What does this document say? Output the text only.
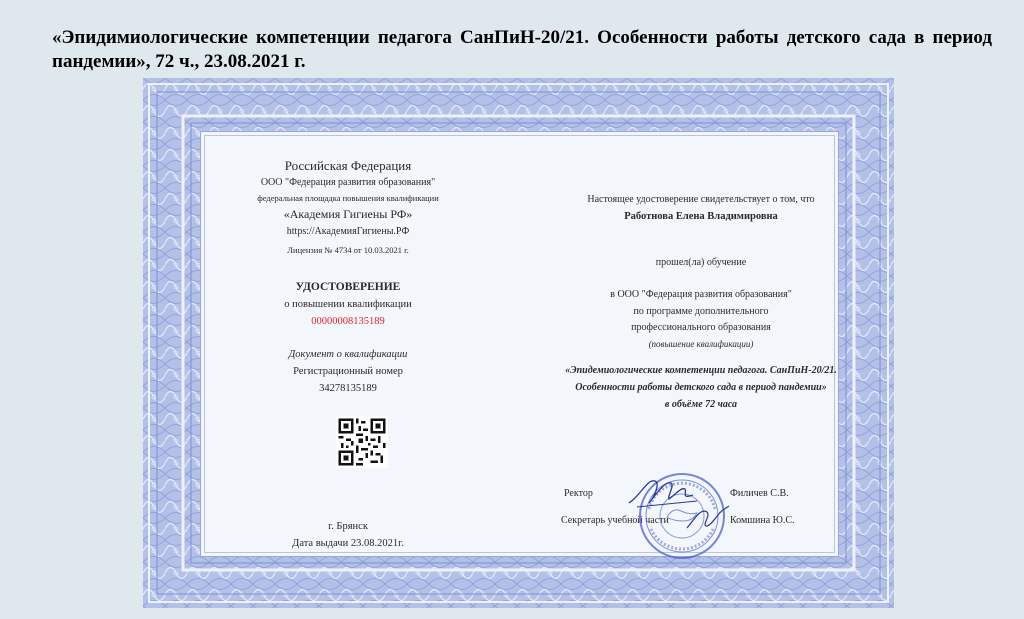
«Эпидимиологические компетенции педагога СанПиН-20/21. Особенности работы детского сада в период пандемии», 72 ч., 23.08.2021 г.
Российская Федерация
ООО "Федерация развития образования"
федеральная площадка повышения квалификации
«Академия Гигиены РФ»
https://АкадемияГигиены.РФ
Лицензия № 4734 от 10.03.2021 г.
УДОСТОВЕРЕНИЕ
о повышении квалификации
00000008135189
Документ о квалификации
Регистрационный номер
34278135189
г. Брянск
Дата выдачи 23.08.2021г.
Настоящее удостоверение свидетельствует о том, что
Работнова Елена Владимировна
прошел(ла) обучение
в ООО "Федерация развития образования"
по программе дополнительного
профессионального образования
(повышение квалификации)
«Эпидемиологические компетенции педагога. СанПиН-20/21.
Особенности работы детского сада в период пандемии»
в объёме 72 часа
Ректор	Филичев С.В.
Секретарь учебной части	Комшина Ю.С.
